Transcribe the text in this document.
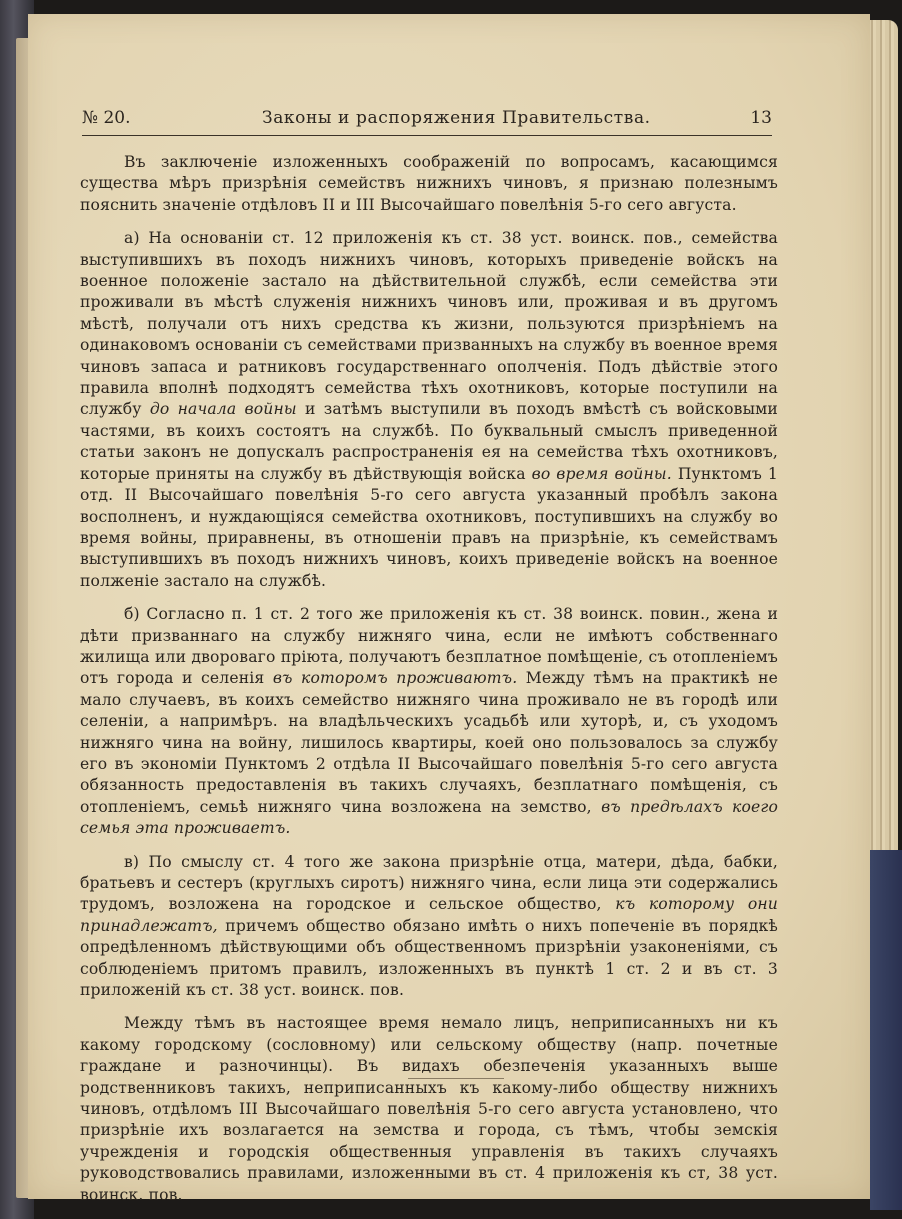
№ 20.	Законы и распоряжения Правительства.	13

Въ заключеніе изложенныхъ соображеній по вопросамъ, касающимся существа мѣръ призрѣнія семействъ нижнихъ чиновъ, я признаю полезнымъ пояснить значеніе отдѣловъ II и III Высочайшаго повелѣнія 5-го сего августа.

а) На основаніи ст. 12 приложенія къ ст. 38 уст. воинск. пов., семейства выступившихъ въ походъ нижнихъ чиновъ, которыхъ приведеніе войскъ на военное положеніе застало на дѣйствительной службѣ, если семейства эти проживали въ мѣстѣ служенія нижнихъ чиновъ или, проживая и въ другомъ мѣстѣ, получали отъ нихъ средства къ жизни, пользуются призрѣніемъ на одинаковомъ основаніи съ семействами призванныхъ на службу въ военное время чиновъ запаса и ратниковъ государственнаго ополченія. Подъ дѣйствіе этого правила вполнѣ подходятъ семейства тѣхъ охотниковъ, которые поступили на службу до начала войны и затѣмъ выступили въ походъ вмѣстѣ съ войсковыми частями, въ коихъ состоятъ на службѣ. По буквальный смыслъ приведенной статьи законъ не допускалъ распространенія ея на семейства тѣхъ охотниковъ, которые приняты на службу въ дѣйствующія войска во время войны. Пунктомъ 1 отд. II Высочайшаго повелѣнія 5-го сего августа указанный пробѣлъ закона восполненъ, и нуждающіяся семейства охотниковъ, поступившихъ на службу во время войны, приравнены, въ отношеніи правъ на призрѣніе, къ семействамъ выступившихъ въ походъ нижнихъ чиновъ, коихъ приведеніе войскъ на военное полженіе застало на службѣ.

б) Согласно п. 1 ст. 2 того же приложенія къ ст. 38 воинск. повин., жена и дѣти призваннаго на службу нижняго чина, если не имѣютъ собственнаго жилища или двороваго пріюта, получаютъ безплатное помѣщеніе, съ отопленіемъ отъ города и селенія въ которомъ проживаютъ. Между тѣмъ на практикѣ не мало случаевъ, въ коихъ семейство нижняго чина проживало не въ городѣ или селеніи, а напримѣръ. на владѣльческихъ усадьбѣ или хуторѣ, и, съ уходомъ нижняго чина на войну, лишилось квартиры, коей оно пользовалось за службу его въ экономіи Пунктомъ 2 отдѣла II Высочайшаго повелѣнія 5-го сего августа обязанность предоставленія въ такихъ случаяхъ, безплатнаго помѣщенія, съ отопленіемъ, семьѣ нижняго чина возложена на земство, въ предѣлахъ коего семья эта проживаетъ.

в) По смыслу ст. 4 того же закона призрѣніе отца, матери, дѣда, бабки, братьевъ и сестеръ (круглыхъ сиротъ) нижняго чина, если лица эти содержались трудомъ, возложена на городское и сельское общество, къ которому они принадлежатъ, причемъ общество обязано имѣть о нихъ попеченіе въ порядкѣ опредѣленномъ дѣйствующими объ общественномъ призрѣніи узаконеніями, съ соблюденіемъ притомъ правилъ, изложенныхъ въ пунктѣ 1 ст. 2 и въ ст. 3 приложеній къ ст. 38 уст. воинск. пов.

Между тѣмъ въ настоящее время немало лицъ, неприписанныхъ ни къ какому городскому (сословному) или сельскому обществу (напр. почетные граждане и разночинцы). Въ видахъ обезпеченія указанныхъ выше родственниковъ такихъ, неприписанныхъ къ какому-либо обществу нижнихъ чиновъ, отдѣломъ III Высочайшаго повелѣнія 5-го сего августа установлено, что призрѣніе ихъ возлагается на земства и города, съ тѣмъ, чтобы земскія учрежденія и городскія общественныя управленія въ такихъ случаяхъ руководствовались правилами, изложенными въ ст. 4 приложенія къ ст, 38 уст. воинск. пов.
